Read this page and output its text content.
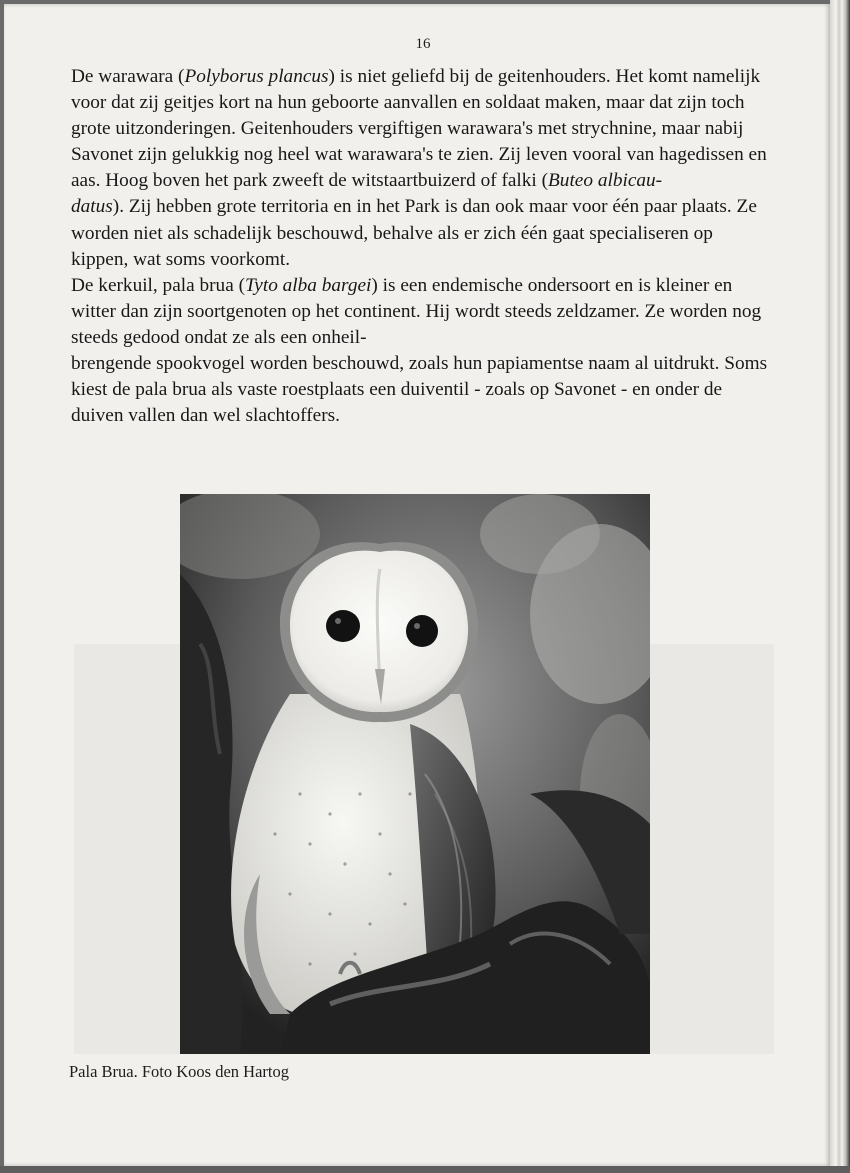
16

De warawara (Polyborus plancus) is niet geliefd bij de geitenhouders. Het komt namelijk voor dat zij geitjes kort na hun geboorte aanvallen en soldaat maken, maar dat zijn toch grote uitzonderingen. Geitenhouders vergiftigen warawara's met strychnine, maar nabij Savonet zijn gelukkig nog heel wat warawara's te zien. Zij leven vooral van hagedissen en aas. Hoog boven het park zweeft de witstaartbuizerd of falki (Buteo albicau-
datus). Zij hebben grote territoria en in het Park is dan ook maar voor één paar plaats. Ze worden niet als schadelijk beschouwd, behalve als er zich één gaat specialiseren op kippen, wat soms voorkomt.

De kerkuil, pala brua (Tyto alba bargei) is een endemische ondersoort en is kleiner en witter dan zijn soortgenoten op het continent. Hij wordt steeds zeldzamer. Ze worden nog steeds gedood ondat ze als een onheil-
brengende spookvogel worden beschouwd, zoals hun papiamentse naam al uitdrukt. Soms kiest de pala brua als vaste roestplaats een duiventil - zoals op Savonet - en onder de duiven vallen dan wel slachtoffers.

Pala Brua. Foto Koos den Hartog
